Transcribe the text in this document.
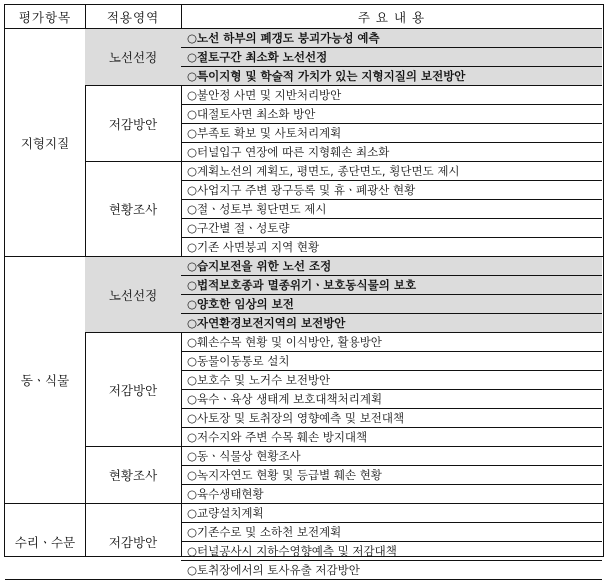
평가항목	적용영역	주 요 내 용
○노선 하부의 폐갱도 붕괴가능성 예측
○절토구간 최소화 노선선정
○특이지형 및 학술적 가치가 있는 지형지질의 보전방안
노선선정
○불안정 사면 및 지반처리방안
○대절토사면 최소화 방안
○부족토 확보 및 사토처리계획
○터널입구 연장에 따른 지형훼손 최소화
저감방안
○계획노선의 계획도, 평면도, 종단면도, 횡단면도 제시
○사업지구 주변 광구등록 및 휴ㆍ폐광산 현황
○절ㆍ성토부 횡단면도 제시
○구간별 절ㆍ성토량
○기존 사면붕괴 지역 현황
현황조사
지형지질
○습지보전을 위한 노선 조정
○법적보호종과 멸종위기ㆍ보호동식물의 보호
○양호한 임상의 보전
○자연환경보전지역의 보전방안
노선선정
○훼손수목 현황 및 이식방안, 활용방안
○동물이동통로 설치
○보호수 및 노거수 보전방안
○육수ㆍ육상 생태계 보호대책처리계획
○사토장 및 토취장의 영향예측 및 보전대책
○저수지와 주변 수목 훼손 방지대책
저감방안
○동ㆍ식물상 현황조사
○녹지자연도 현황 및 등급별 훼손 현황
○육수생태현황
현황조사
동ㆍ식물
○교량설치계획
○기존수로 및 소하천 보전계획
○터널공사시 지하수영향예측 및 저감대책
○토취장에서의 토사유출 저감방안
저감방안
수리ㆍ수문
